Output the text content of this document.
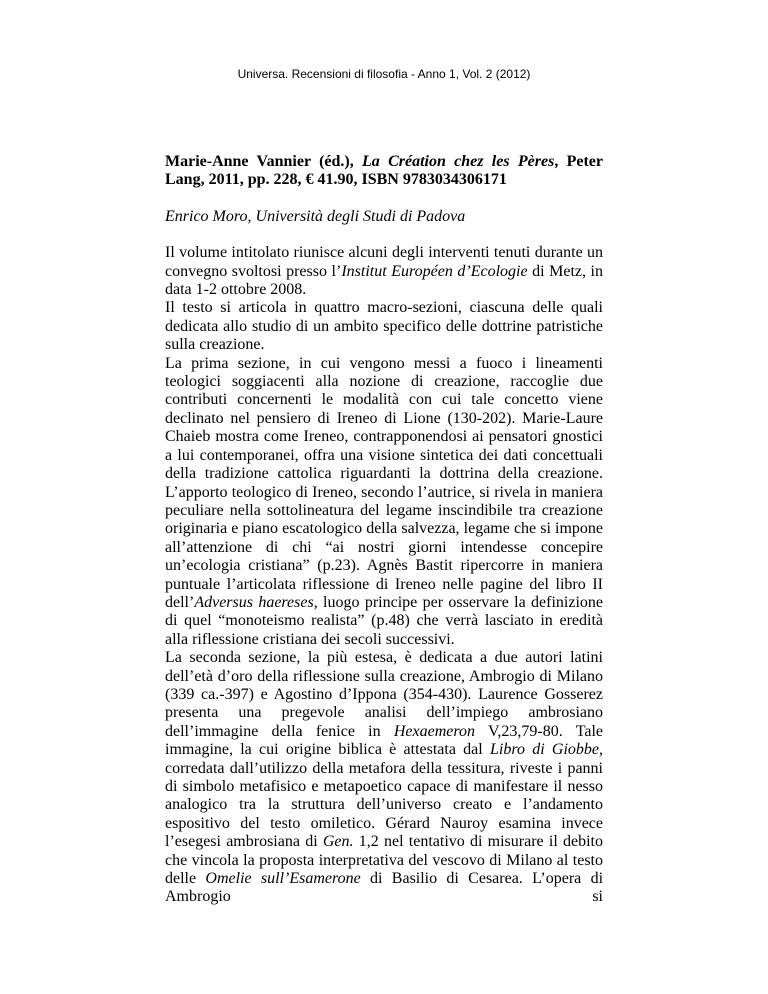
Universa. Recensioni di filosofia - Anno 1, Vol. 2 (2012)

Marie-Anne Vannier (éd.), La Création chez les Pères, Peter Lang, 2011, pp. 228, € 41.90, ISBN 9783034306171

Enrico Moro, Università degli Studi di Padova

Il volume intitolato riunisce alcuni degli interventi tenuti durante un convegno svoltosi presso l’Institut Européen d’Ecologie di Metz, in data 1-2 ottobre 2008.

Il testo si articola in quattro macro-sezioni, ciascuna delle quali dedicata allo studio di un ambito specifico delle dottrine patristiche sulla creazione.

La prima sezione, in cui vengono messi a fuoco i lineamenti teologici soggiacenti alla nozione di creazione, raccoglie due contributi concernenti le modalità con cui tale concetto viene declinato nel pensiero di Ireneo di Lione (130-202). Marie-Laure Chaieb mostra come Ireneo, contrapponendosi ai pensatori gnostici a lui contemporanei, offra una visione sintetica dei dati concettuali della tradizione cattolica riguardanti la dottrina della creazione. L’apporto teologico di Ireneo, secondo l’autrice, si rivela in maniera peculiare nella sottolineatura del legame inscindibile tra creazione originaria e piano escatologico della salvezza, legame che si impone all’attenzione di chi “ai nostri giorni intendesse concepire un’ecologia cristiana” (p.23). Agnès Bastit ripercorre in maniera puntuale l’articolata riflessione di Ireneo nelle pagine del libro II dell’Adversus haereses, luogo principe per osservare la definizione di quel “monoteismo realista” (p.48) che verrà lasciato in eredità alla riflessione cristiana dei secoli successivi.

La seconda sezione, la più estesa, è dedicata a due autori latini dell’età d’oro della riflessione sulla creazione, Ambrogio di Milano (339 ca.-397) e Agostino d’Ippona (354-430). Laurence Gosserez presenta una pregevole analisi dell’impiego ambrosiano dell’immagine della fenice in Hexaemeron V,23,79-80. Tale immagine, la cui origine biblica è attestata dal Libro di Giobbe, corredata dall’utilizzo della metafora della tessitura, riveste i panni di simbolo metafisico e metapoetico capace di manifestare il nesso analogico tra la struttura dell’universo creato e l’andamento espositivo del testo omiletico. Gérard Nauroy esamina invece l’esegesi ambrosiana di Gen. 1,2 nel tentativo di misurare il debito che vincola la proposta interpretativa del vescovo di Milano al testo delle Omelie sull’Esamerone di Basilio di Cesarea. L’opera di Ambrogio si
